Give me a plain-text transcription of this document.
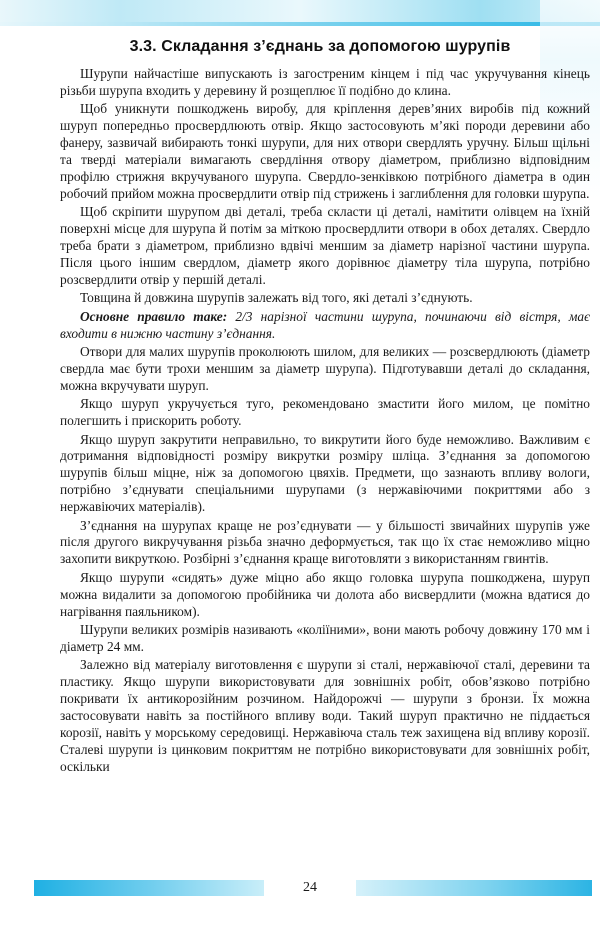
3.3. Складання з’єднань за допомогою шурупів

Шурупи найчастіше випускають із загостреним кінцем і під час укручування кінець різьби шурупа входить у деревину й розщеплює її подібно до клина.

Щоб уникнути пошкоджень виробу, для кріплення дерев’яних виробів під кожний шуруп попередньо просвердлюють отвір. Якщо застосовують м’які породи деревини або фанеру, зазвичай вибирають тонкі шурупи, для них отвори свердлять уручну. Більш щільні та тверді матеріали вимагають свердління отвору діаметром, приблизно відповідним профілю стрижня вкручуваного шурупа. Свердло-зенківкою потрібного діаметра в один робочий прийом можна просвердлити отвір під стрижень і заглиблення для головки шурупа.

Щоб скріпити шурупом дві деталі, треба скласти ці деталі, намітити олівцем на їхній поверхні місце для шурупа й потім за міткою просвердлити отвори в обох деталях. Свердло треба брати з діаметром, приблизно вдвічі меншим за діаметр нарізної частини шурупа. Після цього іншим свердлом, діаметр якого дорівнює діаметру тіла шурупа, потрібно розсвердлити отвір у першій деталі.

Товщина й довжина шурупів залежать від того, які деталі з’єднують.

Основне правило таке: 2/3 нарізної частини шурупа, починаючи від вістря, має входити в нижню частину з’єднання.

Отвори для малих шурупів проколюють шилом, для великих — розсвердлюють (діаметр свердла має бути трохи меншим за діаметр шурупа). Підготувавши деталі до складання, можна вкручувати шуруп.

Якщо шуруп укручується туго, рекомендовано змастити його милом, це помітно полегшить і прискорить роботу.

Якщо шуруп закрутити неправильно, то викрутити його буде неможливо. Важливим є дотримання відповідності розміру викрутки розміру шліца. З’єднання за допомогою шурупів більш міцне, ніж за допомогою цвяхів. Предмети, що зазнають впливу вологи, потрібно з’єднувати спеціальними шурупами (з нержавіючими покриттями або з нержавіючих матеріалів).

З’єднання на шурупах краще не роз’єднувати — у більшості звичайних шурупів уже після другого викручування різьба значно деформується, так що їх стає неможливо міцно захопити викруткою. Розбірні з’єднання краще виготовляти з використанням гвинтів.

Якщо шурупи «сидять» дуже міцно або якщо головка шурупа пошкоджена, шуруп можна видалити за допомогою пробійника чи долота або висвердлити (можна вдатися до нагрівання паяльником).

Шурупи великих розмірів називають «коліїними», вони мають робочу довжину 170 мм і діаметр 24 мм.

Залежно від матеріалу виготовлення є шурупи зі сталі, нержавіючої сталі, деревини та пластику. Якщо шурупи використовувати для зовнішніх робіт, обов’язково потрібно покривати їх антикорозійним розчином. Найдорожчі — шурупи з бронзи. Їх можна застосовувати навіть за постійного впливу води. Такий шуруп практично не піддається корозії, навіть у морському середовищі. Нержавіюча сталь теж захищена від впливу корозії. Сталеві шурупи із цинковим покриттям не потрібно використовувати для зовнішніх робіт, оскільки

24
